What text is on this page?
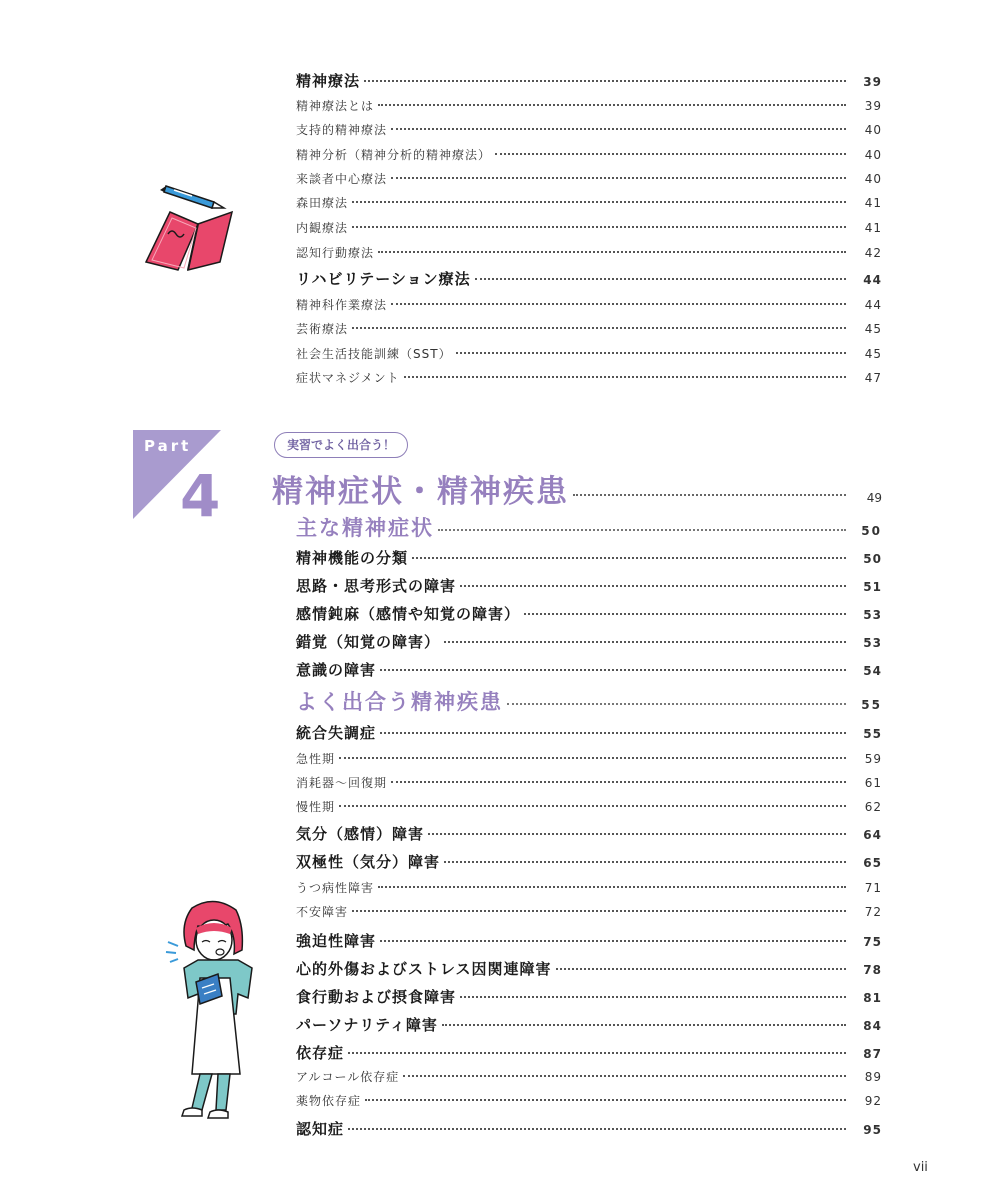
精神療法	39
精神療法とは	39
支持的精神療法	40
精神分析（精神分析的精神療法）	40
来談者中心療法	40
森田療法	41
内観療法	41
認知行動療法	42
リハビリテーション療法	44
精神科作業療法	44
芸術療法	45
社会生活技能訓練（SST）	45
症状マネジメント	47
Part
4
実習でよく出合う！
精神症状・精神疾患	49
主な精神症状	50
精神機能の分類	50
思路・思考形式の障害	51
感情鈍麻（感情や知覚の障害）	53
錯覚（知覚の障害）	53
意識の障害	54
よく出合う精神疾患	55
統合失調症	55
急性期	59
消耗器〜回復期	61
慢性期	62
気分（感情）障害	64
双極性（気分）障害	65
うつ病性障害	71
不安障害	72
強迫性障害	75
心的外傷およびストレス因関連障害	78
食行動および摂食障害	81
パーソナリティ障害	84
依存症	87
アルコール依存症	89
薬物依存症	92
認知症	95
vii
